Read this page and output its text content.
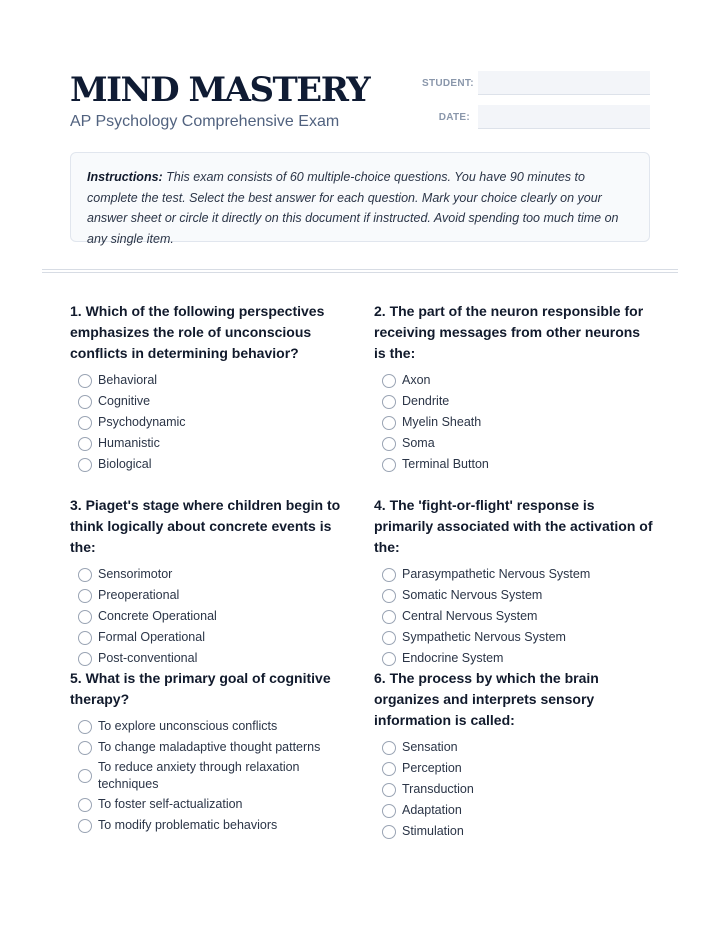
MIND MASTERY
AP Psychology Comprehensive Exam
STUDENT:
DATE:
Instructions: This exam consists of 60 multiple-choice questions. You have 90 minutes to complete the test. Select the best answer for each question. Mark your choice clearly on your answer sheet or circle it directly on this document if instructed. Avoid spending too much time on any single item.

1. Which of the following perspectives emphasizes the role of unconscious conflicts in determining behavior?

Behavioral
Cognitive
Psychodynamic
Humanistic
Biological

2. The part of the neuron responsible for receiving messages from other neurons is the:

Axon
Dendrite
Myelin Sheath
Soma
Terminal Button

3. Piaget's stage where children begin to think logically about concrete events is the:

Sensorimotor
Preoperational
Concrete Operational
Formal Operational
Post-conventional

4. The 'fight-or-flight' response is primarily associated with the activation of the:

Parasympathetic Nervous System
Somatic Nervous System
Central Nervous System
Sympathetic Nervous System
Endocrine System

5. What is the primary goal of cognitive therapy?

To explore unconscious conflicts
To change maladaptive thought patterns
To reduce anxiety through relaxation techniques
To foster self-actualization
To modify problematic behaviors

6. The process by which the brain organizes and interprets sensory information is called:

Sensation
Perception
Transduction
Adaptation
Stimulation
